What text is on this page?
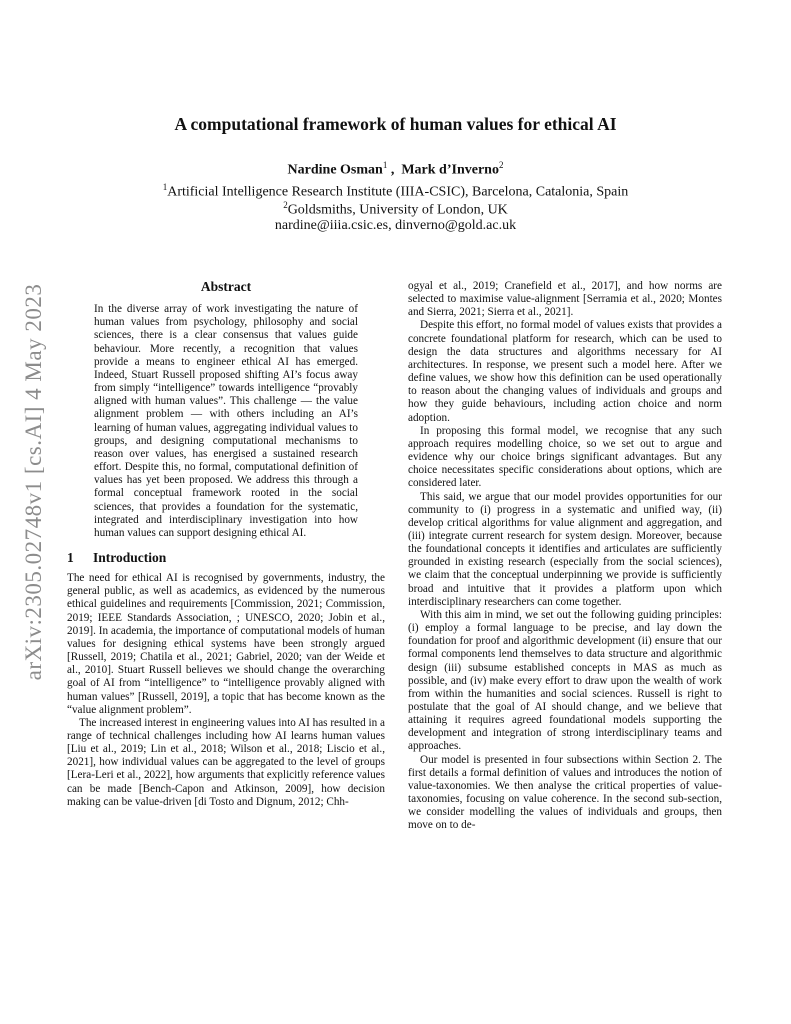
arXiv:2305.02748v1 [cs.AI] 4 May 2023
A computational framework of human values for ethical AI
Nardine Osman$^1$ ,  Mark d’Inverno$^2$
$^1$Artificial Intelligence Research Institute (IIIA-CSIC), Barcelona, Catalonia, Spain
$^2$Goldsmiths, University of London, UK
nardine@iiia.csic.es, dinverno@gold.ac.uk
Abstract

In the diverse array of work investigating the nature of human values from psychology, philosophy and social sciences, there is a clear consensus that values guide behaviour. More recently, a recognition that values provide a means to engineer ethical AI has emerged. Indeed, Stuart Russell proposed shifting AI’s focus away from simply “intelligence” towards intelligence “provably aligned with human values”. This challenge — the value alignment problem — with others including an AI’s learning of human values, aggregating individual values to groups, and designing computational mechanisms to reason over values, has energised a sustained research effort. Despite this, no formal, computational definition of values has yet been proposed. We address this through a formal conceptual framework rooted in the social sciences, that provides a foundation for the systematic, integrated and interdisciplinary investigation into how human values can support designing ethical AI.

1 Introduction

The need for ethical AI is recognised by governments, industry, the general public, as well as academics, as evidenced by the numerous ethical guidelines and requirements [Commission, 2021; Commission, 2019; IEEE Standards Association, ; UNESCO, 2020; Jobin et al., 2019]. In academia, the importance of computational models of human values for designing ethical systems have been strongly argued [Russell, 2019; Chatila et al., 2021; Gabriel, 2020; van der Weide et al., 2010]. Stuart Russell believes we should change the overarching goal of AI from “intelligence” to “intelligence provably aligned with human values” [Russell, 2019], a topic that has become known as the “value alignment problem”.

The increased interest in engineering values into AI has resulted in a range of technical challenges including how AI learns human values [Liu et al., 2019; Lin et al., 2018; Wilson et al., 2018; Liscio et al., 2021], how individual values can be aggregated to the level of groups [Lera-Leri et al., 2022], how arguments that explicitly reference values can be made [Bench-Capon and Atkinson, 2009], how decision making can be value-driven [di Tosto and Dignum, 2012; Chh-

ogyal et al., 2019; Cranefield et al., 2017], and how norms are selected to maximise value-alignment [Serramia et al., 2020; Montes and Sierra, 2021; Sierra et al., 2021].

Despite this effort, no formal model of values exists that provides a concrete foundational platform for research, which can be used to design the data structures and algorithms necessary for AI architectures. In response, we present such a model here. After we define values, we show how this definition can be used operationally to reason about the changing values of individuals and groups and how they guide behaviours, including action choice and norm adoption.

In proposing this formal model, we recognise that any such approach requires modelling choice, so we set out to argue and evidence why our choice brings significant advantages. But any choice necessitates specific considerations about options, which are considered later.

This said, we argue that our model provides opportunities for our community to (i) progress in a systematic and unified way, (ii) develop critical algorithms for value alignment and aggregation, and (iii) integrate current research for system design. Moreover, because the foundational concepts it identifies and articulates are sufficiently grounded in existing research (especially from the social sciences), we claim that the conceptual underpinning we provide is sufficiently broad and intuitive that it provides a platform upon which interdisciplinary researchers can come together.

With this aim in mind, we set out the following guiding principles: (i) employ a formal language to be precise, and lay down the foundation for proof and algorithmic development (ii) ensure that our formal components lend themselves to data structure and algorithmic design (iii) subsume established concepts in MAS as much as possible, and (iv) make every effort to draw upon the wealth of work from within the humanities and social sciences. Russell is right to postulate that the goal of AI should change, and we believe that attaining it requires agreed foundational models supporting the development and integration of strong interdisciplinary teams and approaches.

Our model is presented in four subsections within Section 2. The first details a formal definition of values and introduces the notion of value-taxonomies. We then analyse the critical properties of value-taxonomies, focusing on value coherence. In the second sub-section, we consider modelling the values of individuals and groups, then move on to de-
